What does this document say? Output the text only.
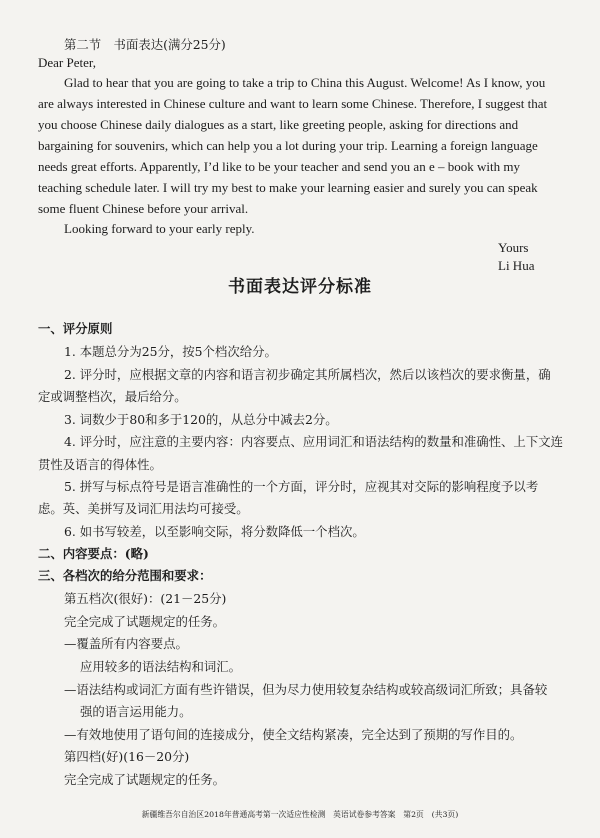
第二节　书面表达(满分25分)
Dear Peter,
Glad to hear that you are going to take a trip to China this August. Welcome! As I know, you
are always interested in Chinese culture and want to learn some Chinese. Therefore, I suggest that
you choose Chinese daily dialogues as a start, like greeting people, asking for directions and
bargaining for souvenirs, which can help you a lot during your trip. Learning a foreign language
needs great efforts. Apparently, I’d like to be your teacher and send you an e – book with my
teaching schedule later. I will try my best to make your learning easier and surely you can speak
some fluent Chinese before your arrival.
Looking forward to your early reply.
Yours
Li Hua
书面表达评分标准
一、评分原则
1. 本题总分为25分，按5个档次给分。
2. 评分时，应根据文章的内容和语言初步确定其所属档次，然后以该档次的要求衡量，确
定或调整档次，最后给分。
3. 词数少于80和多于120的，从总分中减去2分。
4. 评分时，应注意的主要内容：内容要点、应用词汇和语法结构的数量和准确性、上下文连
贯性及语言的得体性。
5. 拼写与标点符号是语言准确性的一个方面，评分时，应视其对交际的影响程度予以考
虑。英、美拼写及词汇用法均可接受。
6. 如书写较差，以至影响交际，将分数降低一个档次。
二、内容要点：(略)
三、各档次的给分范围和要求：
第五档次(很好)：(21－25分)
完全完成了试题规定的任务。
—覆盖所有内容要点。
应用较多的语法结构和词汇。
—语法结构或词汇方面有些许错误，但为尽力使用较复杂结构或较高级词汇所致；具备较
强的语言运用能力。
—有效地使用了语句间的连接成分，使全文结构紧凑，完全达到了预期的写作目的。
第四档(好)(16－20分)
完全完成了试题规定的任务。
新疆维吾尔自治区2018年普通高考第一次适应性检测　英语试卷参考答案　第2页　(共3页)
